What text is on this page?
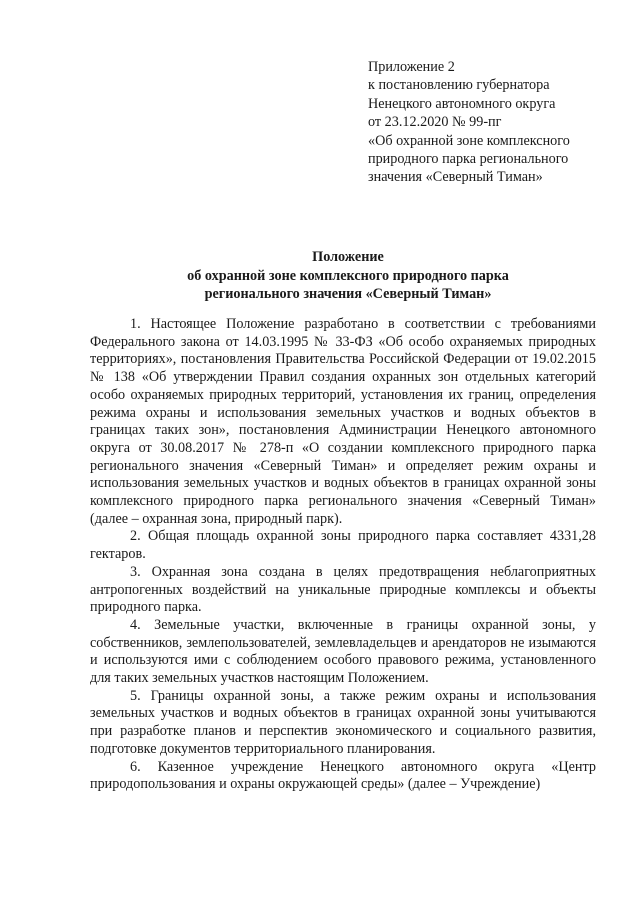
Приложение 2
к постановлению губернатора
Ненецкого автономного округа
от 23.12.2020 № 99-пг
«Об охранной зоне комплексного
природного парка регионального
значения «Северный Тиман»
Положение
об охранной зоне комплексного природного парка
регионального значения «Северный Тиман»

1. Настоящее Положение разработано в соответствии с требованиями Федерального закона от 14.03.1995 № 33-ФЗ «Об особо охраняемых природных территориях», постановления Правительства Российской Федерации от 19.02.2015 № 138 «Об утверждении Правил создания охранных зон отдельных категорий особо охраняемых природных территорий, установления их границ, определения режима охраны и использования земельных участков и водных объектов в границах таких зон», постановления Администрации Ненецкого автономного округа от 30.08.2017 № 278-п «О создании комплексного природного парка регионального значения «Северный Тиман» и определяет режим охраны и использования земельных участков и водных объектов в границах охранной зоны комплексного природного парка регионального значения «Северный Тиман» (далее – охранная зона, природный парк).

2. Общая площадь охранной зоны природного парка составляет 4331,28 гектаров.

3. Охранная зона создана в целях предотвращения неблагоприятных антропогенных воздействий на уникальные природные комплексы и объекты природного парка.

4. Земельные участки, включенные в границы охранной зоны, у собственников, землепользователей, землевладельцев и арендаторов не изымаются и используются ими с соблюдением особого правового режима, установленного для таких земельных участков настоящим Положением.

5. Границы охранной зоны, а также режим охраны и использования земельных участков и водных объектов в границах охранной зоны учитываются при разработке планов и перспектив экономического и социального развития, подготовке документов территориального планирования.

6. Казенное учреждение Ненецкого автономного округа «Центр природопользования и охраны окружающей среды» (далее – Учреждение)
